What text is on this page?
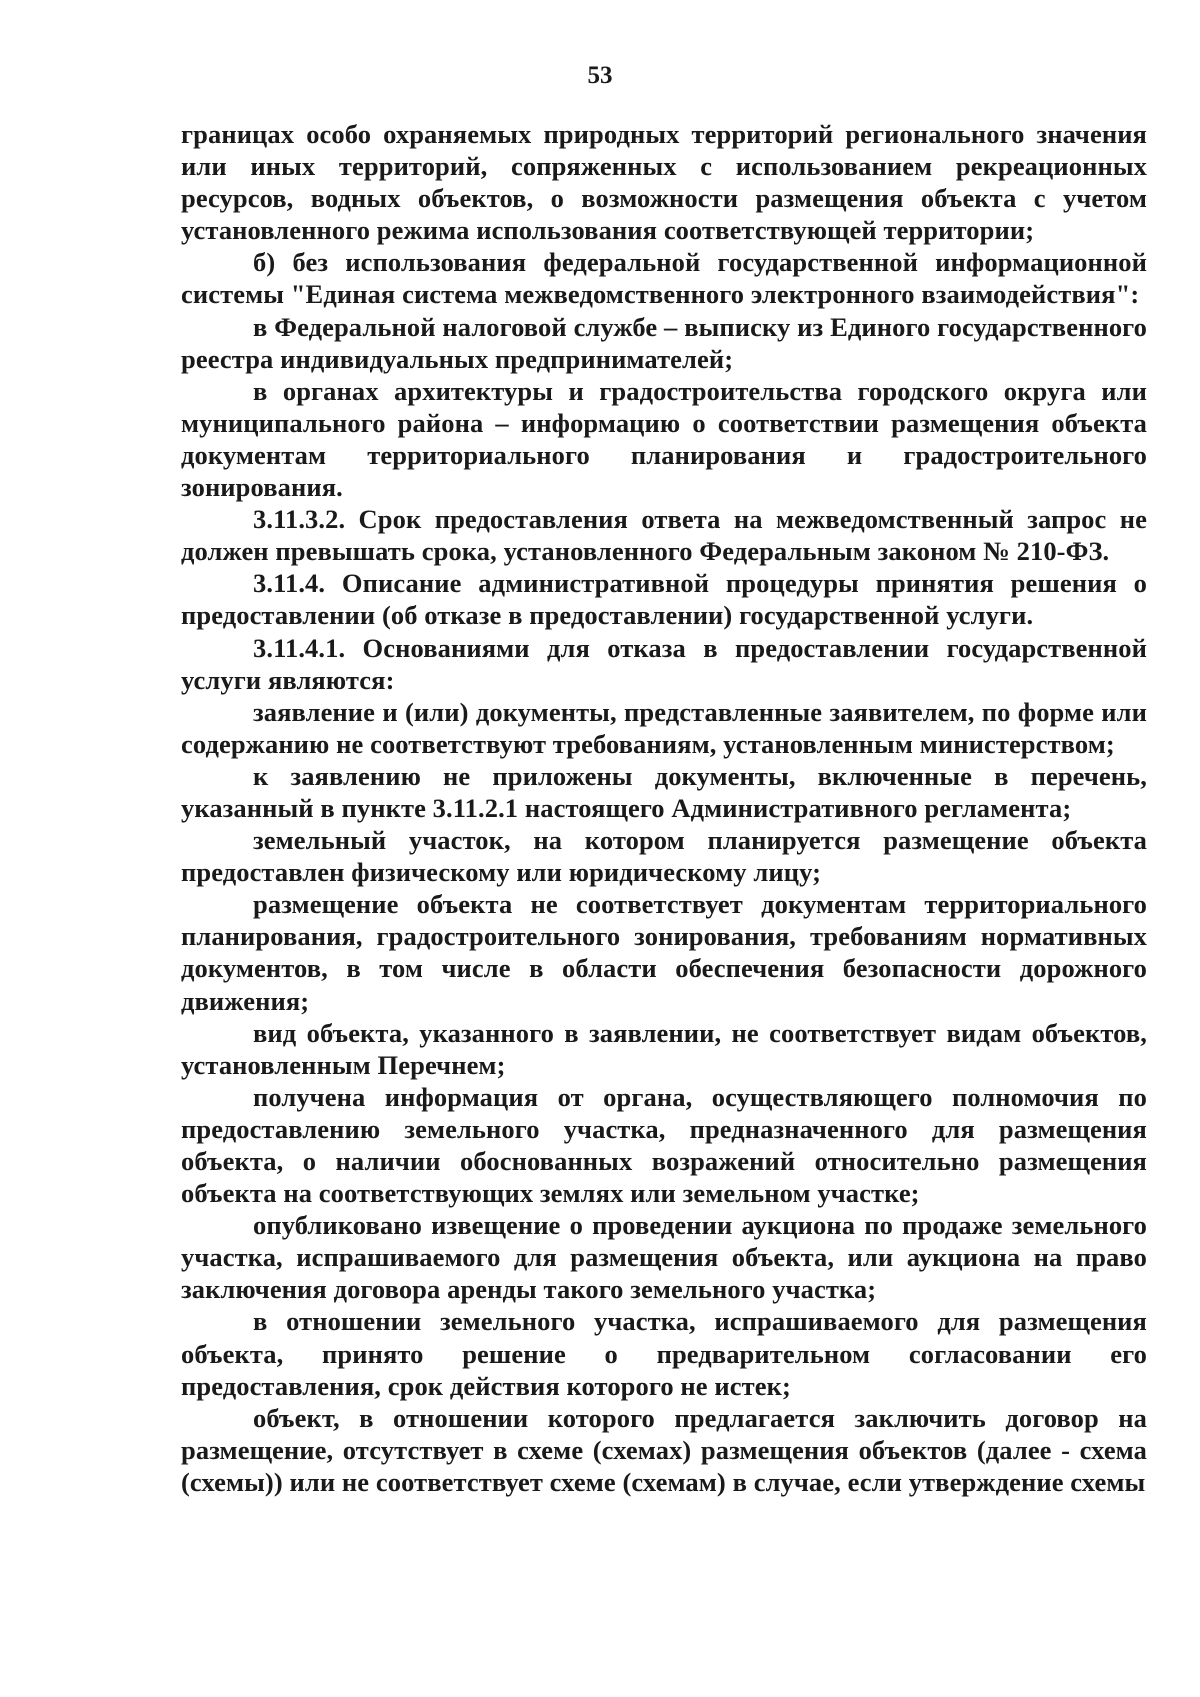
53

границах особо охраняемых природных территорий регионального значения или иных территорий, сопряженных с использованием рекреационных ресурсов, водных объектов, о возможности размещения объекта с учетом установленного режима использования соответствующей территории;

б) без использования федеральной государственной информационной системы "Единая система межведомственного электронного взаимодействия":

в Федеральной налоговой службе – выписку из Единого государственного реестра индивидуальных предпринимателей;

в органах архитектуры и градостроительства городского округа или муниципального района – информацию о соответствии размещения объекта документам территориального планирования и градостроительного зонирования.

3.11.3.2. Срок предоставления ответа на межведомственный запрос не должен превышать срока, установленного Федеральным законом № 210-ФЗ.

3.11.4. Описание административной процедуры принятия решения о предоставлении (об отказе в предоставлении) государственной услуги.

3.11.4.1. Основаниями для отказа в предоставлении государственной услуги являются:

заявление и (или) документы, представленные заявителем, по форме или содержанию не соответствуют требованиям, установленным министерством;

к заявлению не приложены документы, включенные в перечень, указанный в пункте 3.11.2.1 настоящего Административного регламента;

земельный участок, на котором планируется размещение объекта предоставлен физическому или юридическому лицу;

размещение объекта не соответствует документам территориального планирования, градостроительного зонирования, требованиям нормативных документов, в том числе в области обеспечения безопасности дорожного движения;

вид объекта, указанного в заявлении, не соответствует видам объектов, установленным Перечнем;

получена информация от органа, осуществляющего полномочия по предоставлению земельного участка, предназначенного для размещения объекта, о наличии обоснованных возражений относительно размещения объекта на соответствующих землях или земельном участке;

опубликовано извещение о проведении аукциона по продаже земельного участка, испрашиваемого для размещения объекта, или аукциона на право заключения договора аренды такого земельного участка;

в отношении земельного участка, испрашиваемого для размещения объекта, принято решение о предварительном согласовании его предоставления, срок действия которого не истек;

объект, в отношении которого предлагается заключить договор на размещение, отсутствует в схеме (схемах) размещения объектов (далее - схема (схемы)) или не соответствует схеме (схемам) в случае, если утверждение схемы
